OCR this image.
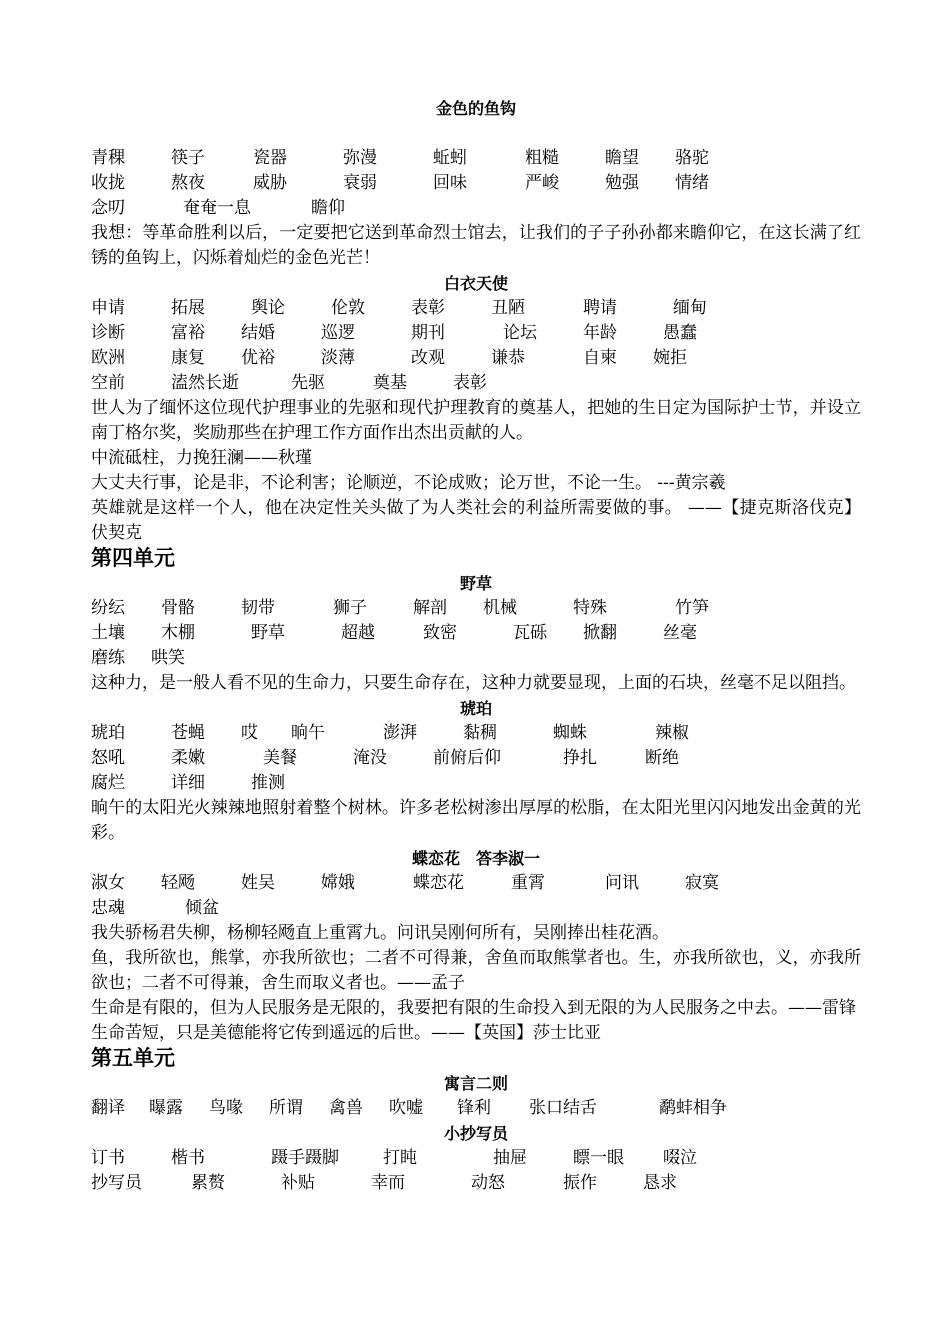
金色的鱼钩
青稞	筷子	瓷器	弥漫	蚯蚓	粗糙	瞻望 骆驼
收拢	熬夜	威胁	衰弱	回味	严峻	勉强 情绪
念叨	奄奄一息	瞻仰
我想：等革命胜利以后，一定要把它送到革命烈士馆去，让我们的子子孙孙都来瞻仰它，在这长满了红锈的鱼钩上，闪烁着灿烂的金色光芒！
白衣天使
申请	拓展	舆论	伦敦	表彰	丑陋	聘请	缅甸
诊断	富裕 结婚	巡逻	期刊	论坛	年龄	愚蠢
欧洲	康复 优裕	淡薄	改观	谦恭	自柬 婉拒
空前	溘然长逝	先驱	奠基	表彰
世人为了缅怀这位现代护理事业的先驱和现代护理教育的奠基人，把她的生日定为国际护士节，并设立南丁格尔奖，奖励那些在护理工作方面作出杰出贡献的人。
中流砥柱，力挽狂澜——秋瑾
大丈夫行事，论是非，不论利害；论顺逆，不论成败；论万世，不论一生。 ---黄宗羲
英雄就是这样一个人，他在决定性关头做了为人类社会的利益所需要做的事。 ——【捷克斯洛伐克】伏契克
第四单元
野草
纷纭 骨骼	韧带	狮子	解剖 机械	特殊	竹笋
土壤 木棚	野草	超越	致密	瓦砾 掀翻	丝毫
磨练 哄笑
这种力，是一般人看不见的生命力，只要生命存在，这种力就要显现，上面的石块，丝毫不足以阻挡。
琥珀
琥珀	苍蝇 哎 晌午	澎湃	黏稠	蜘蛛	辣椒
怒吼	柔嫩	美餐	淹没	前俯后仰	挣扎	断绝
腐烂	详细	推测
晌午的太阳光火辣辣地照射着整个树林。许多老松树渗出厚厚的松脂，在太阳光里闪闪地发出金黄的光彩。
蝶恋花　答李淑一
淑女 轻飏	姓吴	嫦娥	蝶恋花	重霄	问讯	寂寞
忠魂	倾盆
我失骄杨君失柳，杨柳轻飏直上重霄九。问讯吴刚何所有，吴刚捧出桂花酒。
鱼，我所欲也，熊掌，亦我所欲也；二者不可得兼，舍鱼而取熊掌者也。生，亦我所欲也，义，亦我所欲也；二者不可得兼，舍生而取义者也。——孟子
生命是有限的，但为人民服务是无限的，我要把有限的生命投入到无限的为人民服务之中去。——雷锋
生命苦短，只是美德能将它传到遥远的后世。——【英国】莎士比亚
第五单元
寓言二则
翻译 曝露 鸟喙 所谓 禽兽 吹嘘 锋利 张口结舌	鹬蚌相争
小抄写员
订书	楷书	蹑手蹑脚	打盹	抽屉	瞟一眼 啜泣
抄写员	累赘	补贴	幸而	动怒	振作	恳求
